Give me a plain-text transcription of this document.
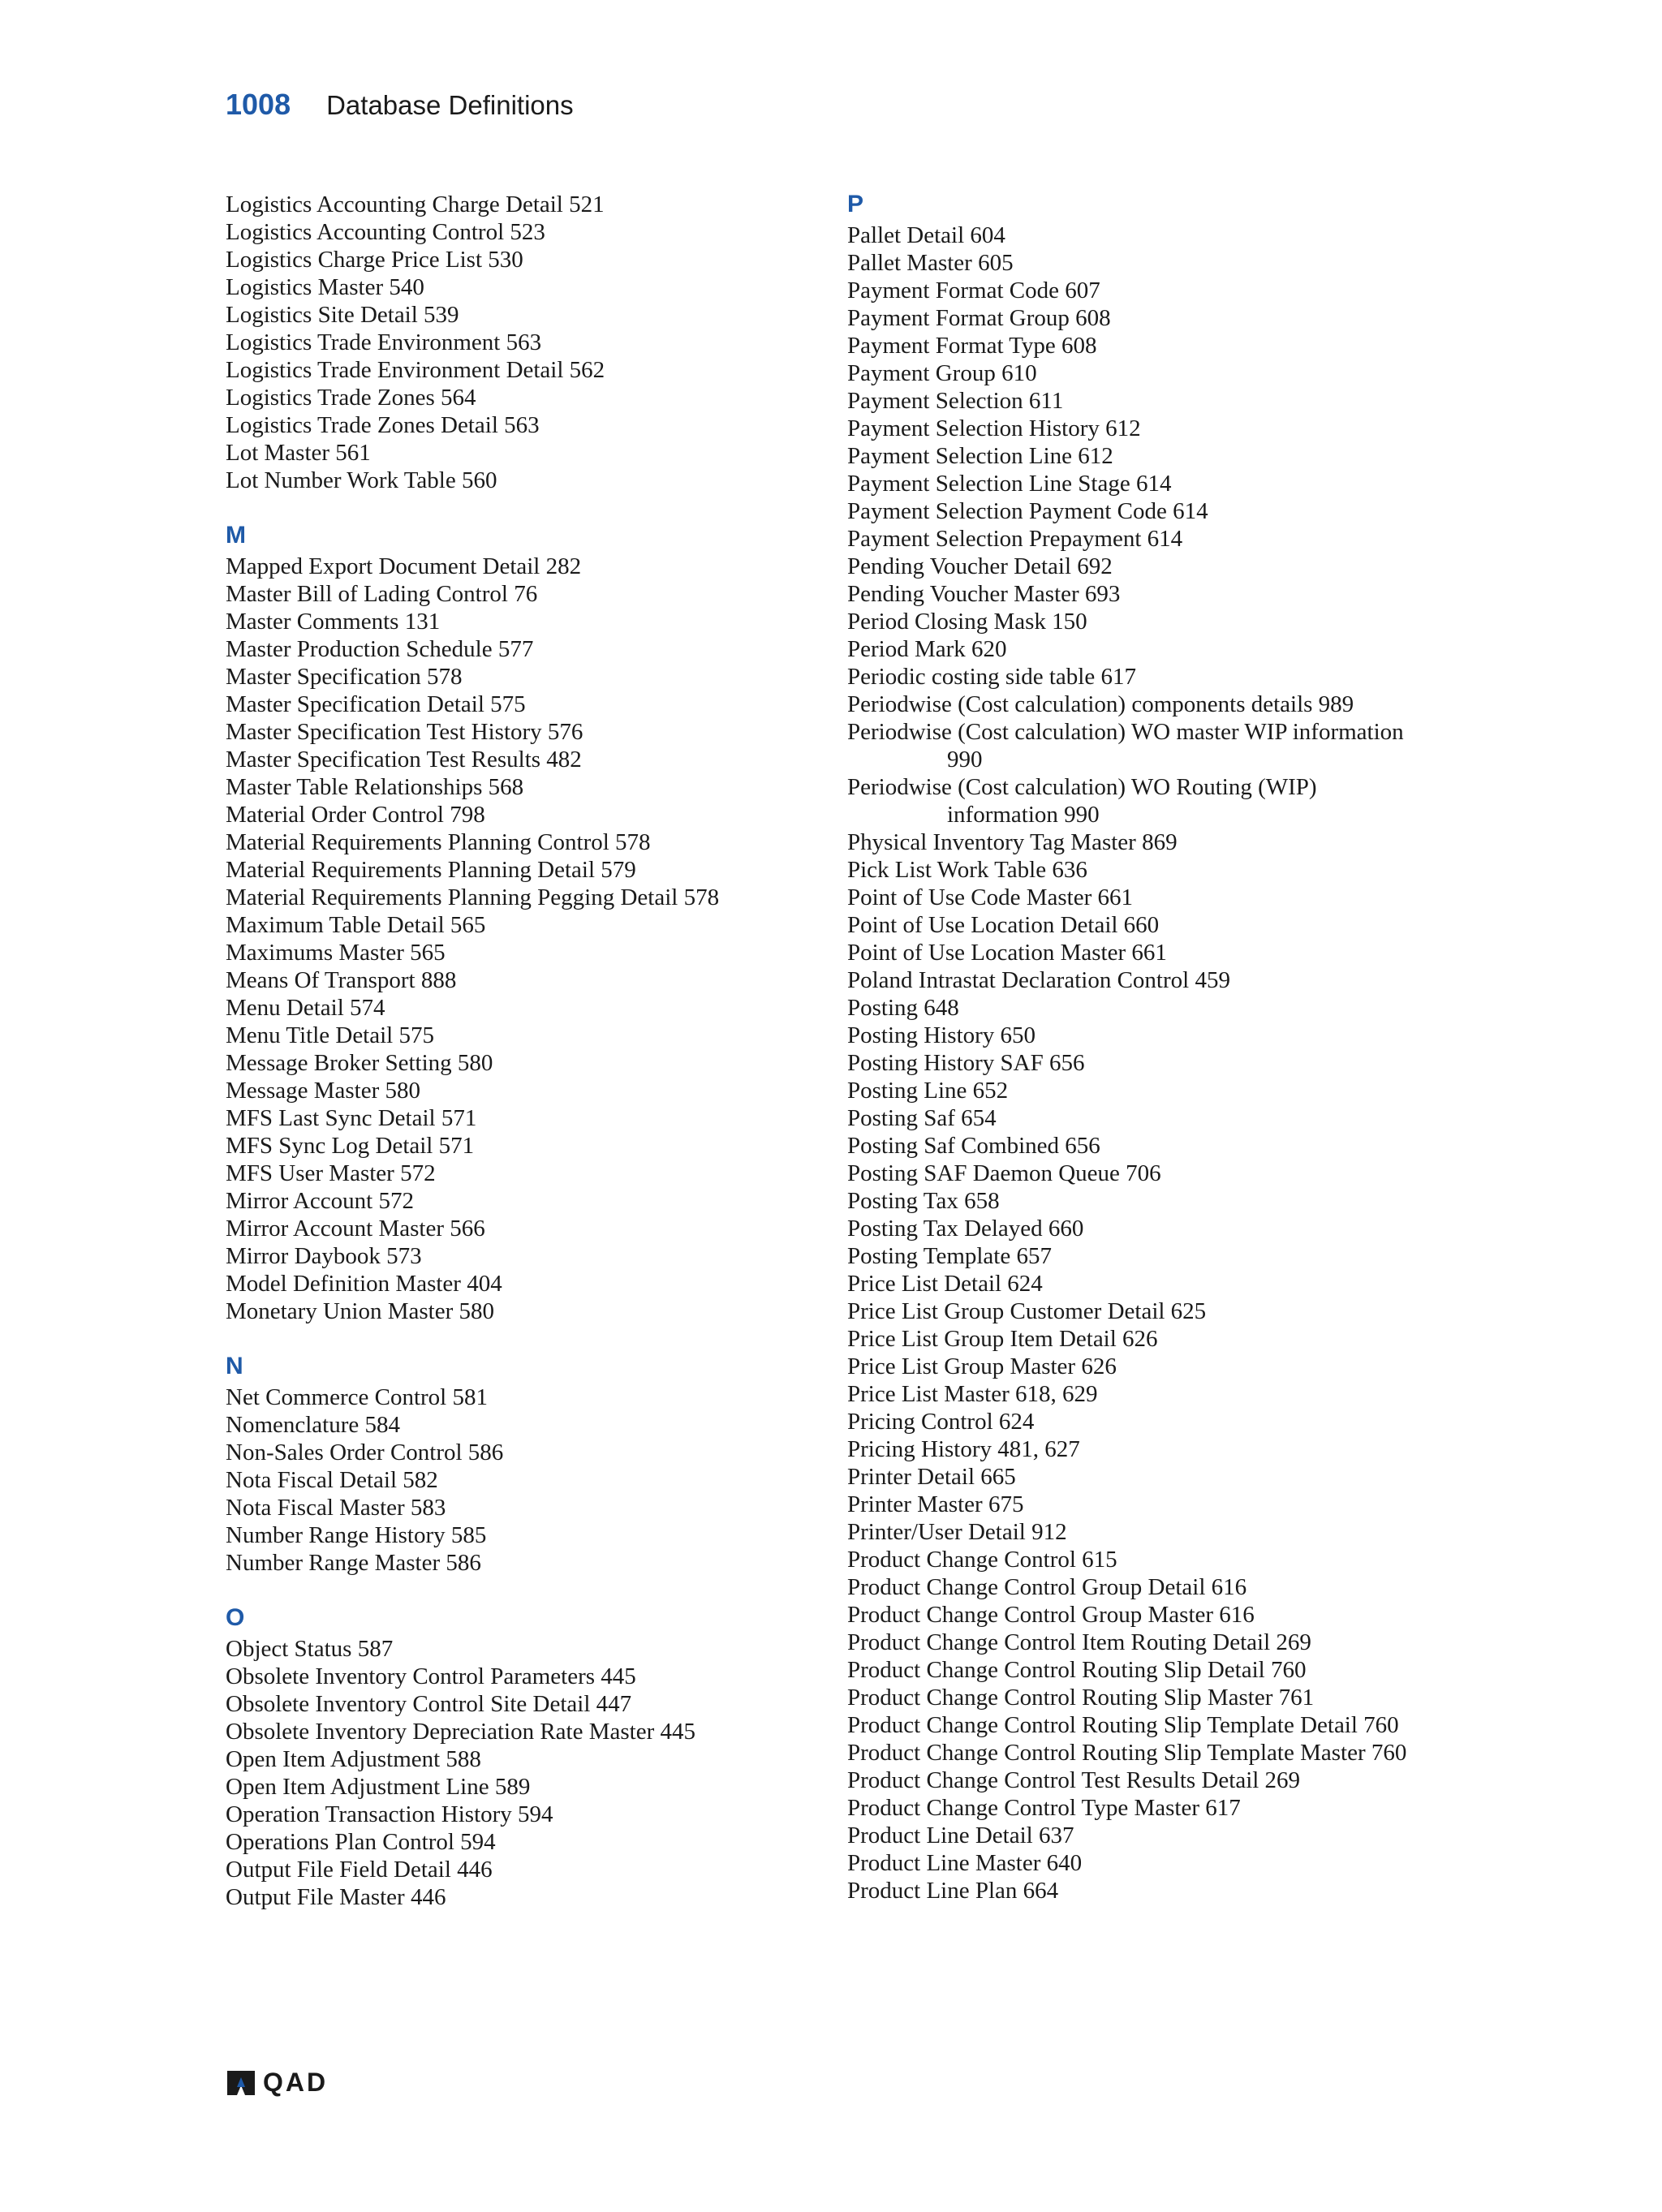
1008 Database Definitions
Logistics Accounting Charge Detail 521
Logistics Accounting Control 523
Logistics Charge Price List 530
Logistics Master 540
Logistics Site Detail 539
Logistics Trade Environment 563
Logistics Trade Environment Detail 562
Logistics Trade Zones 564
Logistics Trade Zones Detail 563
Lot Master 561
Lot Number Work Table 560
M
Mapped Export Document Detail 282
Master Bill of Lading Control 76
Master Comments 131
Master Production Schedule 577
Master Specification 578
Master Specification Detail 575
Master Specification Test History 576
Master Specification Test Results 482
Master Table Relationships 568
Material Order Control 798
Material Requirements Planning Control 578
Material Requirements Planning Detail 579
Material Requirements Planning Pegging Detail 578
Maximum Table Detail 565
Maximums Master 565
Means Of Transport 888
Menu Detail 574
Menu Title Detail 575
Message Broker Setting 580
Message Master 580
MFS Last Sync Detail 571
MFS Sync Log Detail 571
MFS User Master 572
Mirror Account 572
Mirror Account Master 566
Mirror Daybook 573
Model Definition Master 404
Monetary Union Master 580
N
Net Commerce Control 581
Nomenclature 584
Non-Sales Order Control 586
Nota Fiscal Detail 582
Nota Fiscal Master 583
Number Range History 585
Number Range Master 586
O
Object Status 587
Obsolete Inventory Control Parameters 445
Obsolete Inventory Control Site Detail 447
Obsolete Inventory Depreciation Rate Master 445
Open Item Adjustment 588
Open Item Adjustment Line 589
Operation Transaction History 594
Operations Plan Control 594
Output File Field Detail 446
Output File Master 446
P
Pallet Detail 604
Pallet Master 605
Payment Format Code 607
Payment Format Group 608
Payment Format Type 608
Payment Group 610
Payment Selection 611
Payment Selection History 612
Payment Selection Line 612
Payment Selection Line Stage 614
Payment Selection Payment Code 614
Payment Selection Prepayment 614
Pending Voucher Detail 692
Pending Voucher Master 693
Period Closing Mask 150
Period Mark 620
Periodic costing side table 617
Periodwise (Cost calculation) components details 989
Periodwise (Cost calculation) WO master WIP information 990
Periodwise (Cost calculation) WO Routing (WIP) information 990
Physical Inventory Tag Master 869
Pick List Work Table 636
Point of Use Code Master 661
Point of Use Location Detail 660
Point of Use Location Master 661
Poland Intrastat Declaration Control 459
Posting 648
Posting History 650
Posting History SAF 656
Posting Line 652
Posting Saf 654
Posting Saf Combined 656
Posting SAF Daemon Queue 706
Posting Tax 658
Posting Tax Delayed 660
Posting Template 657
Price List Detail 624
Price List Group Customer Detail 625
Price List Group Item Detail 626
Price List Group Master 626
Price List Master 618, 629
Pricing Control 624
Pricing History 481, 627
Printer Detail 665
Printer Master 675
Printer/User Detail 912
Product Change Control 615
Product Change Control Group Detail 616
Product Change Control Group Master 616
Product Change Control Item Routing Detail 269
Product Change Control Routing Slip Detail 760
Product Change Control Routing Slip Master 761
Product Change Control Routing Slip Template Detail 760
Product Change Control Routing Slip Template Master 760
Product Change Control Test Results Detail 269
Product Change Control Type Master 617
Product Line Detail 637
Product Line Master 640
Product Line Plan 664
QAD
